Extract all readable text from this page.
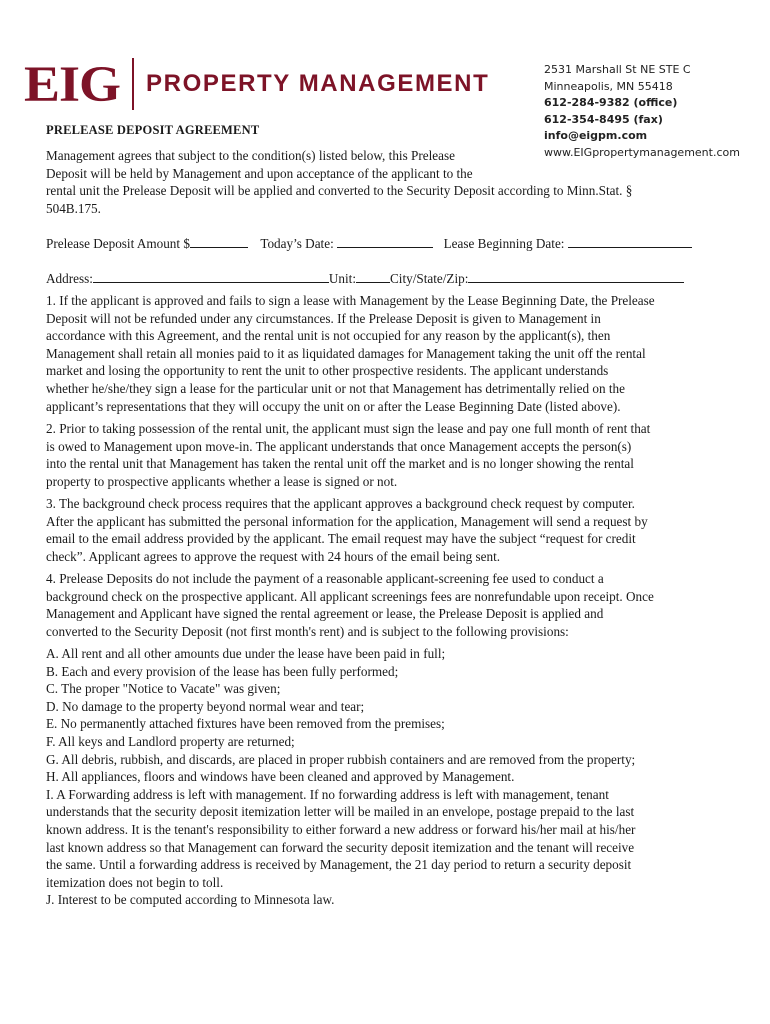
EIG PROPERTY MANAGEMENT
2531 Marshall St NE STE C
Minneapolis, MN 55418
612-284-9382 (office)
612-354-8495 (fax)
info@eigpm.com
www.EIGpropertymanagement.com
PRELEASE DEPOSIT AGREEMENT
Management agrees that subject to the condition(s) listed below, this Prelease
Deposit will be held by Management and upon acceptance of the applicant to the
rental unit the Prelease Deposit will be applied and converted to the Security Deposit according to Minn.Stat. §
504B.175.
Prelease Deposit Amount $	Today’s Date:	Lease Beginning Date:
Address:	Unit:	City/State/Zip:
1. If the applicant is approved and fails to sign a lease with Management by the Lease Beginning Date, the Prelease
Deposit will not be refunded under any circumstances. If the Prelease Deposit is given to Management in
accordance with this Agreement, and the rental unit is not occupied for any reason by the applicant(s), then
Management shall retain all monies paid to it as liquidated damages for Management taking the unit off the rental
market and losing the opportunity to rent the unit to other prospective residents. The applicant understands
whether he/she/they sign a lease for the particular unit or not that Management has detrimentally relied on the
applicant’s representations that they will occupy the unit on or after the Lease Beginning Date (listed above).
2. Prior to taking possession of the rental unit, the applicant must sign the lease and pay one full month of rent that
is owed to Management upon move-in. The applicant understands that once Management accepts the person(s)
into the rental unit that Management has taken the rental unit off the market and is no longer showing the rental
property to prospective applicants whether a lease is signed or not.
3. The background check process requires that the applicant approves a background check request by computer.
After the applicant has submitted the personal information for the application, Management will send a request by
email to the email address provided by the applicant. The email request may have the subject “request for credit
check”. Applicant agrees to approve the request with 24 hours of the email being sent.
4. Prelease Deposits do not include the payment of a reasonable applicant-screening fee used to conduct a
background check on the prospective applicant. All applicant screenings fees are nonrefundable upon receipt. Once
Management and Applicant have signed the rental agreement or lease, the Prelease Deposit is applied and
converted to the Security Deposit (not first month's rent) and is subject to the following provisions:
A. All rent and all other amounts due under the lease have been paid in full;
B. Each and every provision of the lease has been fully performed;
C. The proper "Notice to Vacate" was given;
D. No damage to the property beyond normal wear and tear;
E. No permanently attached fixtures have been removed from the premises;
F. All keys and Landlord property are returned;
G. All debris, rubbish, and discards, are placed in proper rubbish containers and are removed from the property;
H. All appliances, floors and windows have been cleaned and approved by Management.
I. A Forwarding address is left with management. If no forwarding address is left with management, tenant
understands that the security deposit itemization letter will be mailed in an envelope, postage prepaid to the last
known address. It is the tenant's responsibility to either forward a new address or forward his/her mail at his/her
last known address so that Management can forward the security deposit itemization and the tenant will receive
the same. Until a forwarding address is received by Management, the 21 day period to return a security deposit
itemization does not begin to toll.
J. Interest to be computed according to Minnesota law.
